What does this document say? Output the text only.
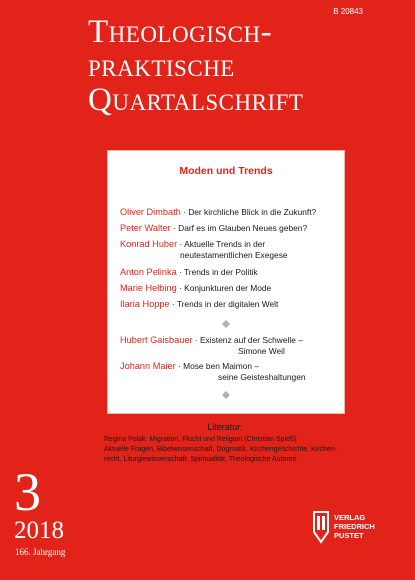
B 20843
Theologisch-
praktische
Quartalschrift
Moden und Trends
Oliver Dimbath · Der kirchliche Blick in die Zukunft?
Peter Walter · Darf es im Glauben Neues geben?
Konrad Huber · Aktuelle Trends in der
neutestamentlichen Exegese
Anton Pelinka · Trends in der Politik
Marie Helbing · Konjunkturen der Mode
Ilaria Hoppe · Trends in der digitalen Welt
Hubert Gaisbauer · Existenz auf der Schwelle –
Simone Weil
Johann Maier · Mose ben Maimon –
seine Geisteshaltungen
Literatur:
Regina Polak: Migration, Flucht und Religion (Christian Spieß)
Aktuelle Fragen, Bibelwissenschaft, Dogmatik, Kirchengeschichte, Kirchen-
recht, Liturgiewissenschaft, Spiritualität, Theologische Autoren
3
2018
166. Jahrgang
VERLAG
FRIEDRICH
PUSTET
